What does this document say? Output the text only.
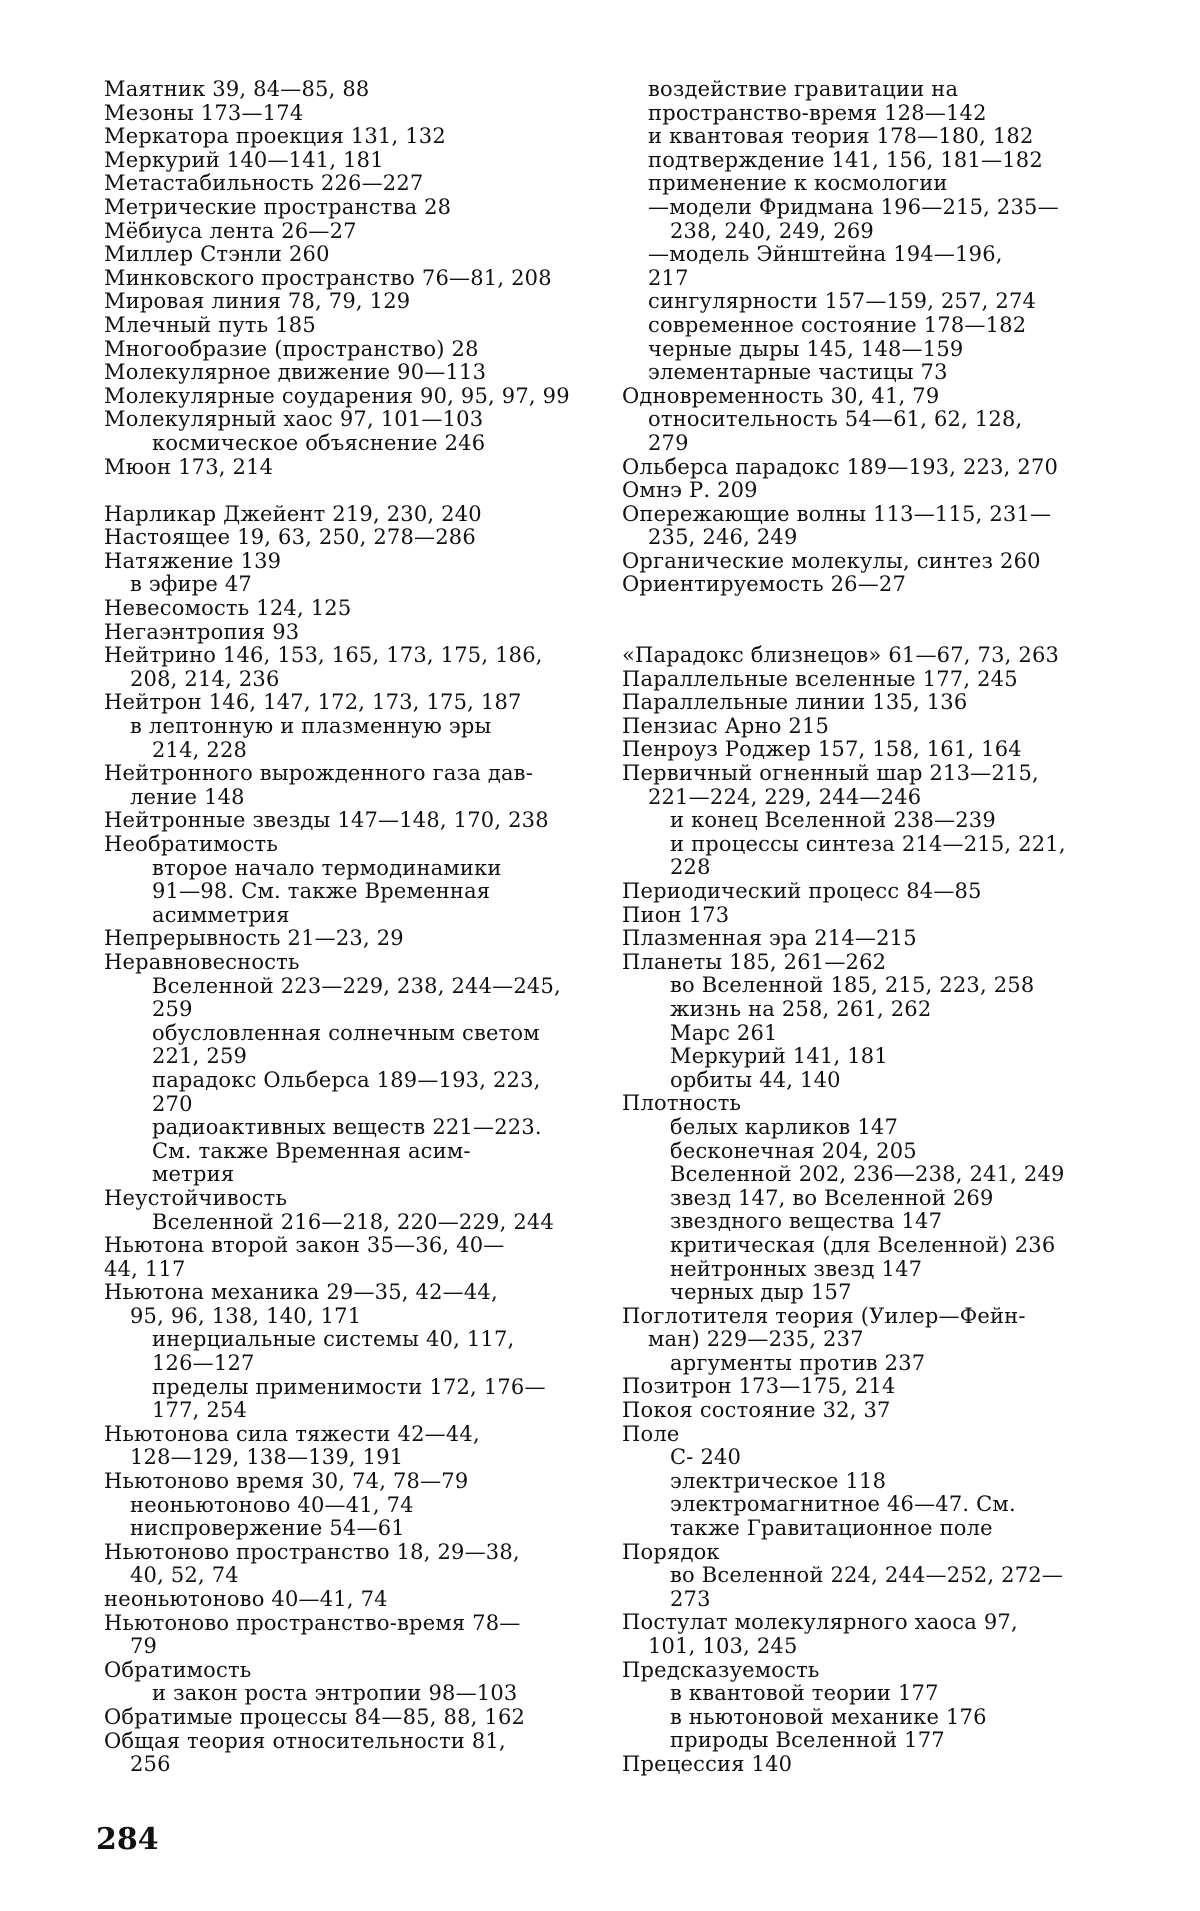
Маятник 39, 84—85, 88
Мезоны 173—174
Меркатора проекция 131, 132
Меркурий 140—141, 181
Метастабильность 226—227
Метрические пространства 28
Мёбиуса лента 26—27
Миллер Стэнли 260
Минковского пространство 76—81, 208
Мировая линия 78, 79, 129
Млечный путь 185
Многообразие (пространство) 28
Молекулярное движение 90—113
Молекулярные соударения 90, 95, 97, 99
Молекулярный хаос 97, 101—103
космическое объяснение 246
Мюон 173, 214
Нарликар Джейент 219, 230, 240
Настоящее 19, 63, 250, 278—286
Натяжение 139
в эфире 47
Невесомость 124, 125
Негаэнтропия 93
Нейтрино 146, 153, 165, 173, 175, 186,
208, 214, 236
Нейтрон 146, 147, 172, 173, 175, 187
в лептонную и плазменную эры
214, 228
Нейтронного вырожденного газа дав-
ление 148
Нейтронные звезды 147—148, 170, 238
Необратимость
второе начало термодинамики
91—98. См. также Временная
асимметрия
Непрерывность 21—23, 29
Неравновесность
Вселенной 223—229, 238, 244—245,
259
обусловленная солнечным светом
221, 259
парадокс Ольберса 189—193, 223,
270
радиоактивных веществ 221—223.
См. также Временная асим-
метрия
Неустойчивость
Вселенной 216—218, 220—229, 244
Ньютона второй закон 35—36, 40—
44, 117
Ньютона механика 29—35, 42—44,
95, 96, 138, 140, 171
инерциальные системы 40, 117,
126—127
пределы применимости 172, 176—
177, 254
Ньютонова сила тяжести 42—44,
128—129, 138—139, 191
Ньютоново время 30, 74, 78—79
неоньютоново 40—41, 74
ниспровержение 54—61
Ньютоново пространство 18, 29—38,
40, 52, 74
неоньютоново 40—41, 74
Ньютоново пространство-время 78—
79
Обратимость
и закон роста энтропии 98—103
Обратимые процессы 84—85, 88, 162
Общая теория относительности 81,
256
воздействие гравитации на
пространство-время 128—142
и квантовая теория 178—180, 182
подтверждение 141, 156, 181—182
применение к космологии
—модели Фридмана 196—215, 235—
238, 240, 249, 269
—модель Эйнштейна 194—196,
217
сингулярности 157—159, 257, 274
современное состояние 178—182
черные дыры 145, 148—159
элементарные частицы 73
Одновременность 30, 41, 79
относительность 54—61, 62, 128,
279
Ольберса парадокс 189—193, 223, 270
Омнэ Р. 209
Опережающие волны 113—115, 231—
235, 246, 249
Органические молекулы, синтез 260
Ориентируемость 26—27
«Парадокс близнецов» 61—67, 73, 263
Параллельные вселенные 177, 245
Параллельные линии 135, 136
Пензиас Арно 215
Пенроуз Роджер 157, 158, 161, 164
Первичный огненный шар 213—215,
221—224, 229, 244—246
и конец Вселенной 238—239
и процессы синтеза 214—215, 221,
228
Периодический процесс 84—85
Пион 173
Плазменная эра 214—215
Планеты 185, 261—262
во Вселенной 185, 215, 223, 258
жизнь на 258, 261, 262
Марс 261
Меркурий 141, 181
орбиты 44, 140
Плотность
белых карликов 147
бесконечная 204, 205
Вселенной 202, 236—238, 241, 249
звезд 147, во Вселенной 269
звездного вещества 147
критическая (для Вселенной) 236
нейтронных звезд 147
черных дыр 157
Поглотителя теория (Уилер—Фейн-
ман) 229—235, 237
аргументы против 237
Позитрон 173—175, 214
Покоя состояние 32, 37
Поле
С- 240
электрическое 118
электромагнитное 46—47. См.
также Гравитационное поле
Порядок
во Вселенной 224, 244—252, 272—
273
Постулат молекулярного хаоса 97,
101, 103, 245
Предсказуемость
в квантовой теории 177
в ньютоновой механике 176
природы Вселенной 177
Прецессия 140
284
